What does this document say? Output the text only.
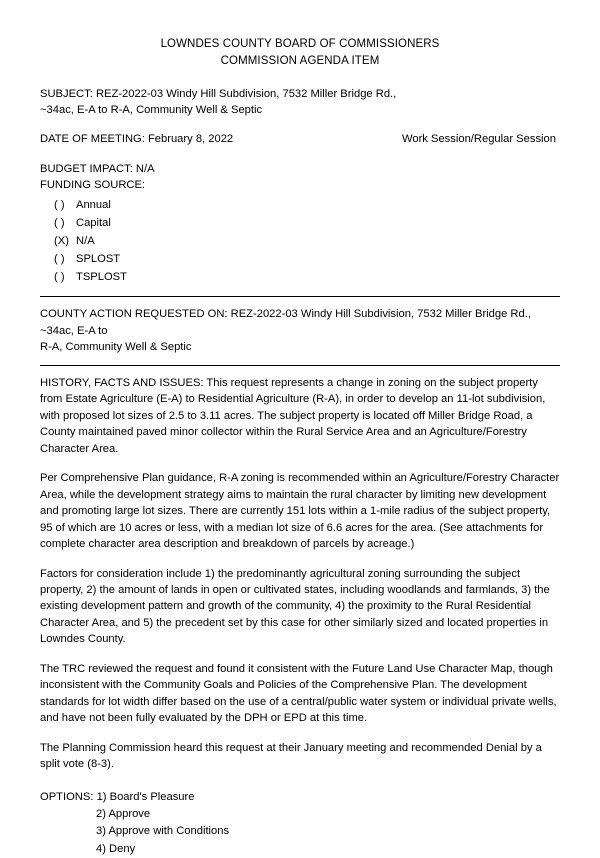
LOWNDES COUNTY BOARD OF COMMISSIONERS
COMMISSION AGENDA ITEM
SUBJECT: REZ-2022-03 Windy Hill Subdivision, 7532 Miller Bridge Rd.,
~34ac, E-A to R-A, Community Well & Septic
DATE OF MEETING: February 8, 2022	Work Session/Regular Session
BUDGET IMPACT: N/A
FUNDING SOURCE:
( ) Annual
( ) Capital
(X) N/A
( ) SPLOST
( ) TSPLOST
COUNTY ACTION REQUESTED ON: REZ-2022-03 Windy Hill Subdivision, 7532 Miller Bridge Rd., ~34ac, E-A to
R-A, Community Well & Septic

HISTORY, FACTS AND ISSUES: This request represents a change in zoning on the subject property from Estate Agriculture (E-A) to Residential Agriculture (R-A), in order to develop an 11-lot subdivision, with proposed lot sizes of 2.5 to 3.11 acres. The subject property is located off Miller Bridge Road, a County maintained paved minor collector within the Rural Service Area and an Agriculture/Forestry Character Area.

Per Comprehensive Plan guidance, R-A zoning is recommended within an Agriculture/Forestry Character Area, while the development strategy aims to maintain the rural character by limiting new development and promoting large lot sizes. There are currently 151 lots within a 1-mile radius of the subject property, 95 of which are 10 acres or less, with a median lot size of 6.6 acres for the area. (See attachments for complete character area description and breakdown of parcels by acreage.)

Factors for consideration include 1) the predominantly agricultural zoning surrounding the subject property, 2) the amount of lands in open or cultivated states, including woodlands and farmlands, 3) the existing development pattern and growth of the community, 4) the proximity to the Rural Residential Character Area, and 5) the precedent set by this case for other similarly sized and located properties in Lowndes County.

The TRC reviewed the request and found it consistent with the Future Land Use Character Map, though inconsistent with the Community Goals and Policies of the Comprehensive Plan. The development standards for lot width differ based on the use of a central/public water system or individual private wells, and have not been fully evaluated by the DPH or EPD at this time.

The Planning Commission heard this request at their January meeting and recommended Denial by a split vote (8-3).

OPTIONS: 1) Board's Pleasure
2) Approve
3) Approve with Conditions
4) Deny
